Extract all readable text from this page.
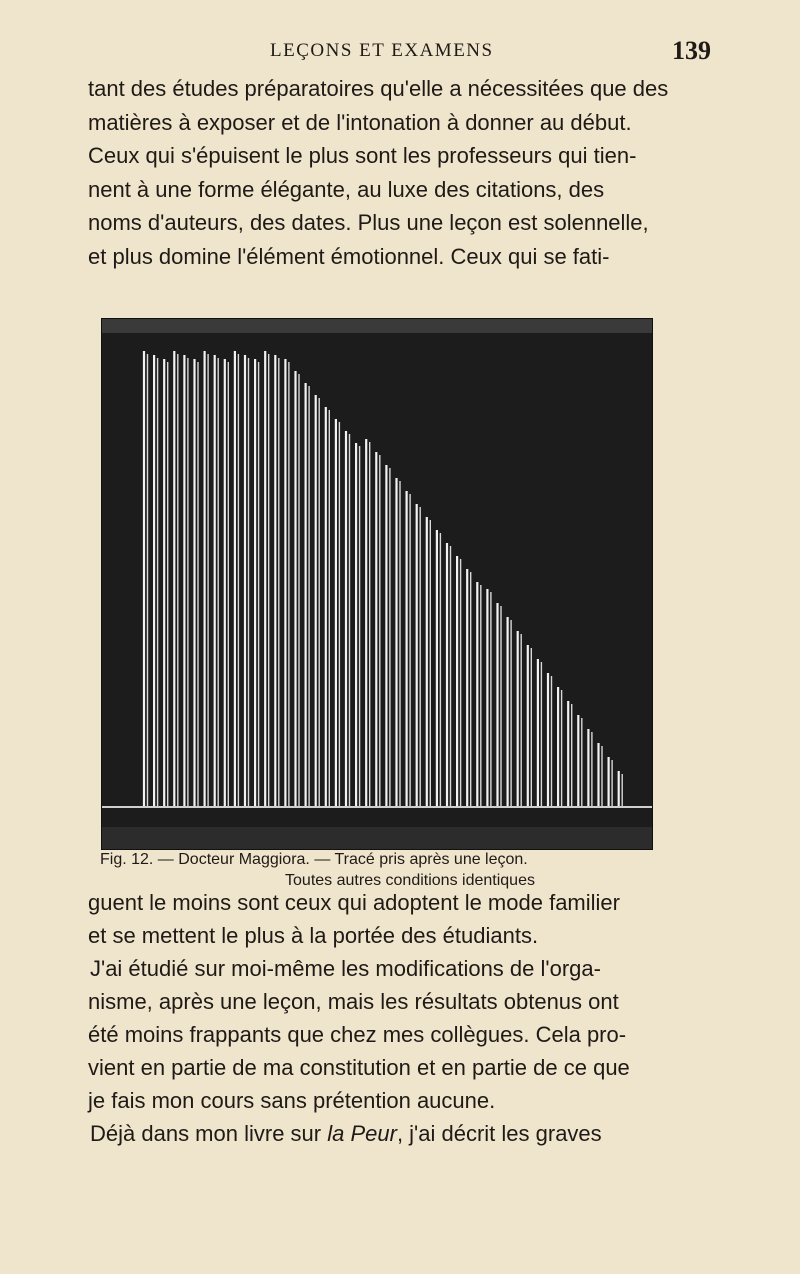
LEÇONS ET EXAMENS	139
tant des études préparatoires qu'elle a nécessitées que des
matières à exposer et de l'intonation à donner au début.
Ceux qui s'épuisent le plus sont les professeurs qui tien-
nent à une forme élégante, au luxe des citations, des
noms d'auteurs, des dates. Plus une leçon est solennelle,
et plus domine l'élément émotionnel. Ceux qui se fati-
Fig. 12. — Docteur Maggiora. — Tracé pris après une leçon.
Toutes autres conditions identiques
guent le moins sont ceux qui adoptent le mode familier
et se mettent le plus à la portée des étudiants.
J'ai étudié sur moi-même les modifications de l'orga-
nisme, après une leçon, mais les résultats obtenus ont
été moins frappants que chez mes collègues. Cela pro-
vient en partie de ma constitution et en partie de ce que
je fais mon cours sans prétention aucune.
Déjà dans mon livre sur la Peur, j'ai décrit les graves
